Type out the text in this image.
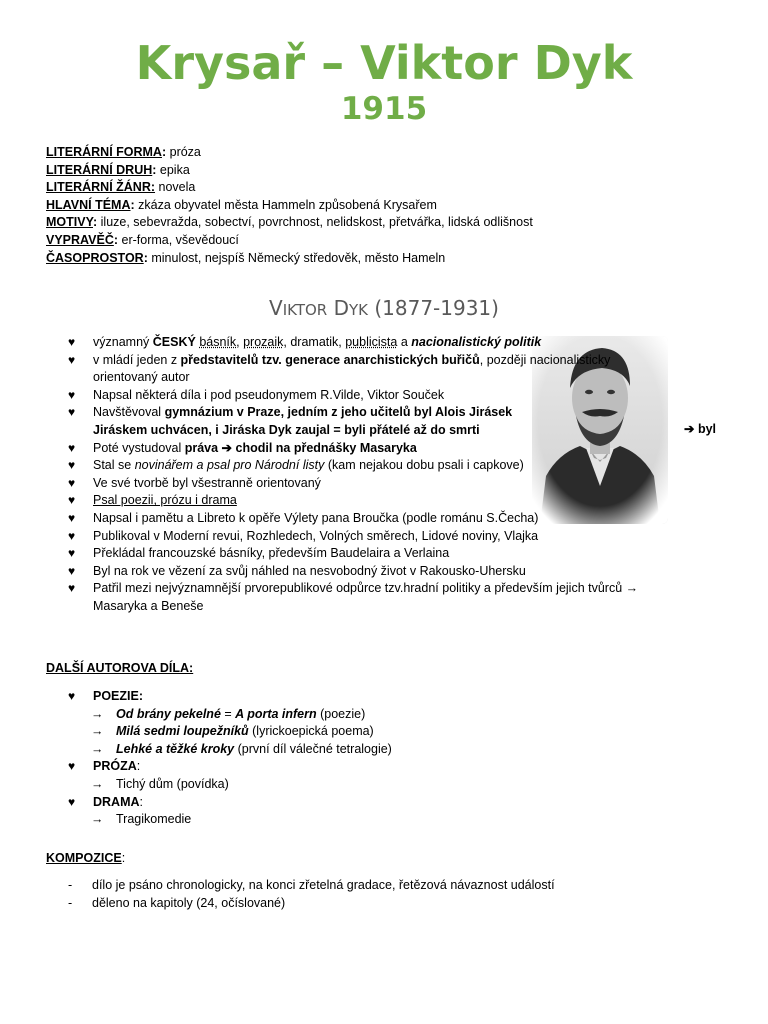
Krysař – Viktor Dyk
1915
LITERÁRNÍ FORMA: próza
LITERÁRNÍ DRUH: epika
LITERÁRNÍ ŽÁNR: novela
HLAVNÍ TÉMA: zkáza obyvatel města Hammeln způsobená Krysařem
MOTIVY: iluze, sebevražda, sobectví, povrchnost, nelidskost, přetvářka, lidská odlišnost
VYPRAVĚČ: er-forma, vševědoucí
ČASOPROSTOR: minulost, nejspíš Německý středověk, město Hameln
VIKTOR DYK (1877-1931)
♥ významný ČESKÝ básník, prozaik, dramatik, publicista a nacionalistický politik
♥ v mládí jeden z představitelů tzv. generace anarchistických buřičů, později nacionalisticky orientovaný autor
♥ Napsal některá díla i pod pseudonymem R.Vilde, Viktor Souček
♥ Navštěvoval gymnázium v Praze, jedním z jeho učitelů byl Alois Jirásek
Jiráskem uchvácen, i Jiráska Dyk zaujal = byli přátelé až do smrti
♥ Poté vystudoval práva ➔ chodil na přednášky Masaryka
♥ Stal se novinářem a psal pro Národní listy (kam nejakou dobu psali i capkove)
♥ Ve své tvorbě byl všestranně orientovaný
♥ Psal poezii, prózu i drama
♥ Napsal i pamětu a Libreto k opěře Výlety pana Broučka (podle románu S.Čecha)
♥ Publikoval v Moderní revui, Rozhledech, Volných směrech, Lidové noviny, Vlajka
♥ Překládal francouzské básníky, především Baudelaira a Verlaina
♥ Byl na rok ve vězení za svůj náhled na nesvobodný život v Rakousko-Uhersku
♥ Patřil mezi nejvýznamnější prvorepublikové odpůrce tzv.hradní politiky a především jejich tvůrců →
Masaryka a Beneše
➔ byl
DALŠÍ AUTOROVA DÍLA:
♥ POEZIE:
→ Od brány pekelné = A porta infern (poezie)
→ Milá sedmi loupežníků (lyrickoepická poema)
→ Lehké a těžké kroky (první díl válečné tetralogie)
♥ PRÓZA:
→ Tichý dům (povídka)
♥ DRAMA:
→ Tragikomedie
KOMPOZICE:
- dílo je psáno chronologicky, na konci zřetelná gradace, řetězová návaznost událostí
- děleno na kapitoly (24, očíslované)
